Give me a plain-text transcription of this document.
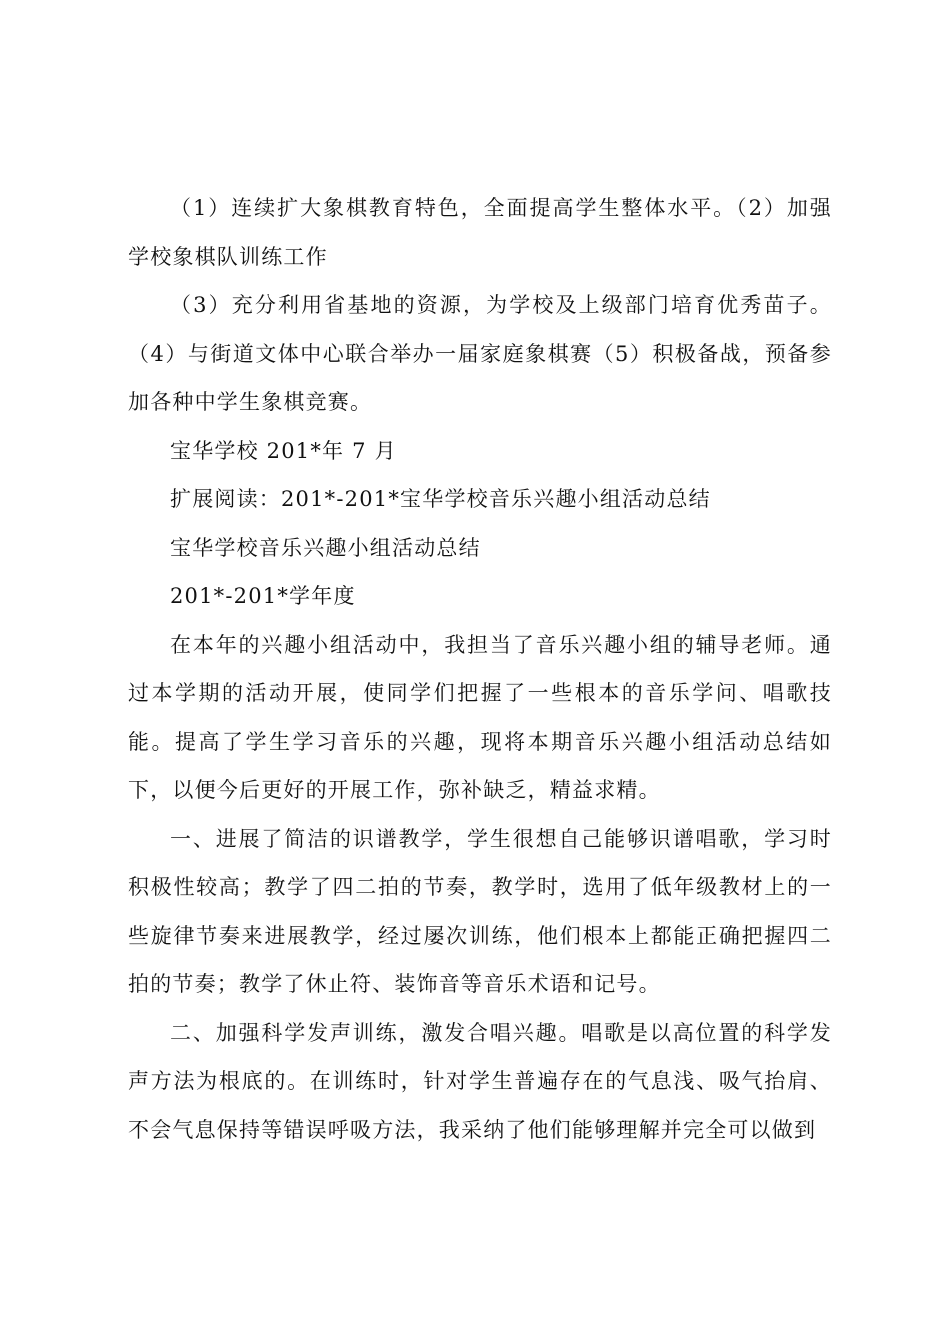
（1）连续扩大象棋教育特色，全面提高学生整体水平。（2）加强学校象棋队训练工作

（3）充分利用省基地的资源，为学校及上级部门培育优秀苗子。（4）与街道文体中心联合举办一届家庭象棋赛（5）积极备战，预备参加各种中学生象棋竞赛。

宝华学校 201*年 7 月

扩展阅读：201*-201*宝华学校音乐兴趣小组活动总结

宝华学校音乐兴趣小组活动总结

201*-201*学年度

在本年的兴趣小组活动中，我担当了音乐兴趣小组的辅导老师。通过本学期的活动开展，使同学们把握了一些根本的音乐学问、唱歌技能。提高了学生学习音乐的兴趣，现将本期音乐兴趣小组活动总结如下，以便今后更好的开展工作，弥补缺乏，精益求精。

一、进展了简洁的识谱教学，学生很想自己能够识谱唱歌，学习时积极性较高；教学了四二拍的节奏，教学时，选用了低年级教材上的一些旋律节奏来进展教学，经过屡次训练，他们根本上都能正确把握四二拍的节奏；教学了休止符、装饰音等音乐术语和记号。

二、加强科学发声训练，激发合唱兴趣。唱歌是以高位置的科学发声方法为根底的。在训练时，针对学生普遍存在的气息浅、吸气抬肩、不会气息保持等错误呼吸方法，我采纳了他们能够理解并完全可以做到
